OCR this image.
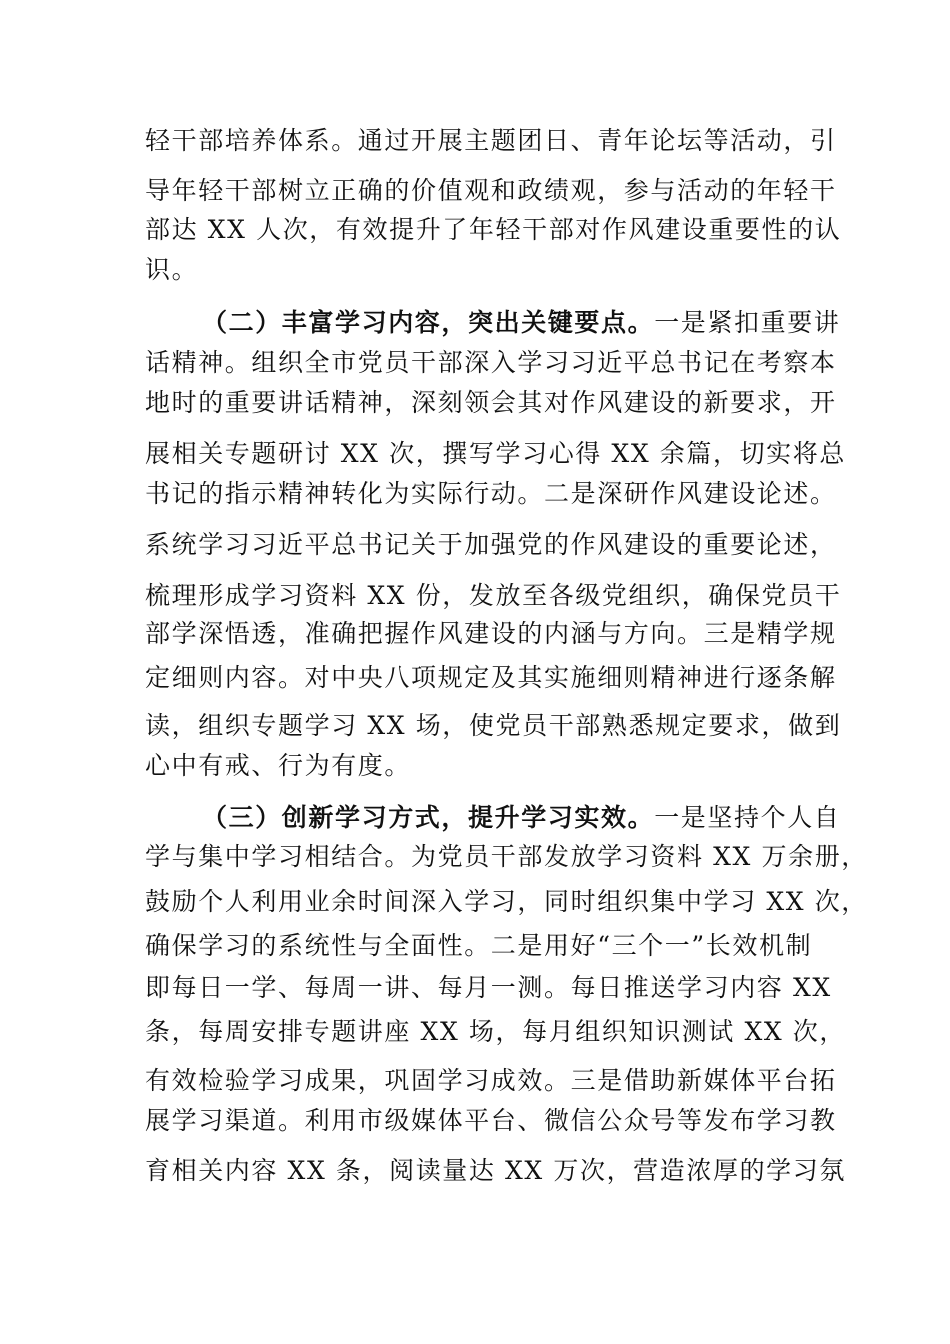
轻干部培养体系。通过开展主题团日、青年论坛等活动，引
导年轻干部树立正确的价值观和政绩观，参与活动的年轻干
部达 XX 人次，有效提升了年轻干部对作风建设重要性的认
识。
（二）丰富学习内容，突出关键要点。一是紧扣重要讲
话精神。组织全市党员干部深入学习习近平总书记在考察本
地时的重要讲话精神，深刻领会其对作风建设的新要求，开
展相关专题研讨 XX 次，撰写学习心得 XX 余篇，切实将总
书记的指示精神转化为实际行动。二是深研作风建设论述。
系统学习习近平总书记关于加强党的作风建设的重要论述，
梳理形成学习资料 XX 份，发放至各级党组织，确保党员干
部学深悟透，准确把握作风建设的内涵与方向。三是精学规
定细则内容。对中央八项规定及其实施细则精神进行逐条解
读，组织专题学习 XX 场，使党员干部熟悉规定要求，做到
心中有戒、行为有度。
（三）创新学习方式，提升学习实效。一是坚持个人自
学与集中学习相结合。为党员干部发放学习资料 XX 万余册，
鼓励个人利用业余时间深入学习，同时组织集中学习 XX 次，
确保学习的系统性与全面性。二是用好“三个一”长效机制
即每日一学、每周一讲、每月一测。每日推送学习内容 XX
条，每周安排专题讲座 XX 场，每月组织知识测试 XX 次，
有效检验学习成果，巩固学习成效。三是借助新媒体平台拓
展学习渠道。利用市级媒体平台、微信公众号等发布学习教
育相关内容 XX 条，阅读量达 XX 万次，营造浓厚的学习氛
